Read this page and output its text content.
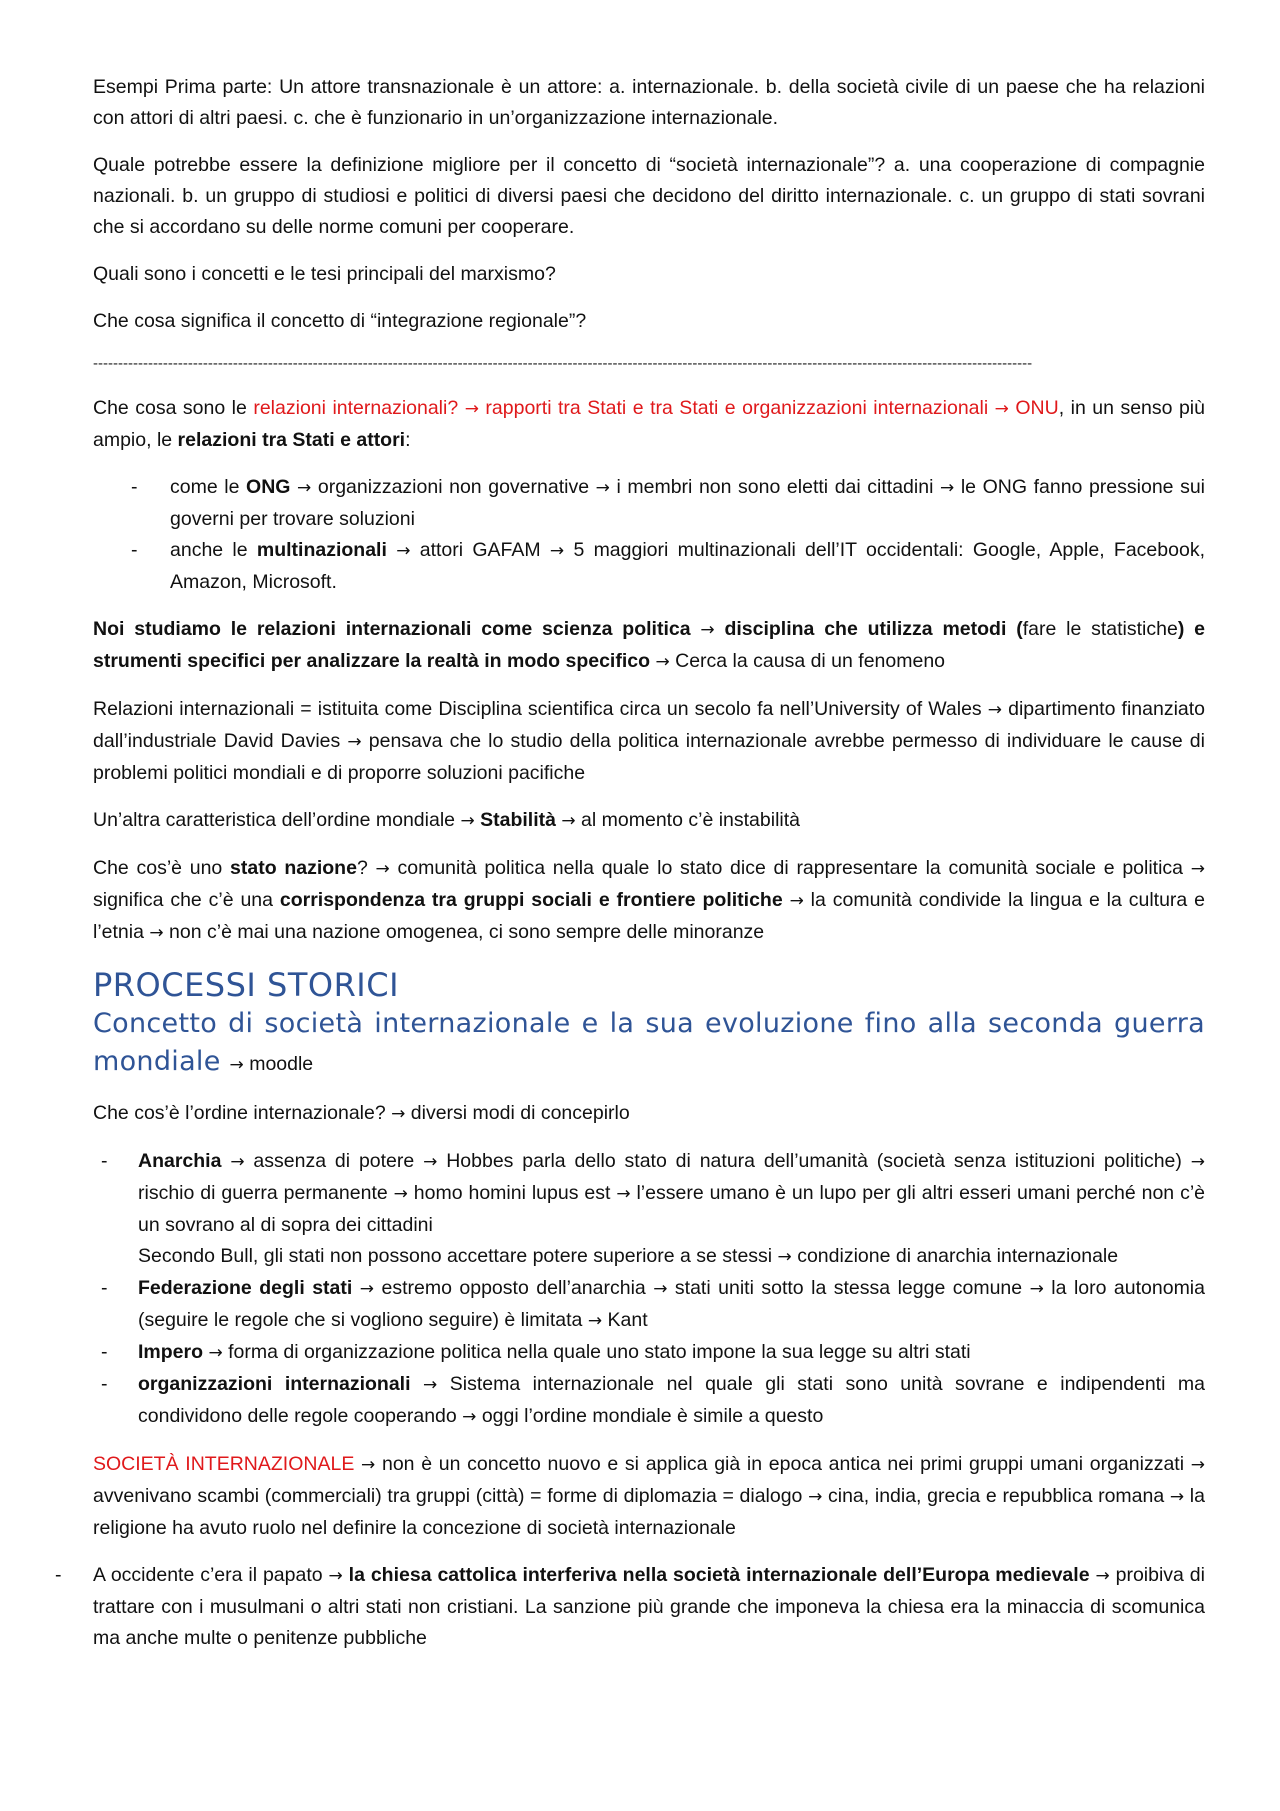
Esempi Prima parte: Un attore transnazionale è un attore: a. internazionale. b. della società civile di un paese che ha relazioni con attori di altri paesi. c. che è funzionario in un’organizzazione internazionale.

Quale potrebbe essere la definizione migliore per il concetto di “società internazionale”? a. una cooperazione di compagnie nazionali. b. un gruppo di studiosi e politici di diversi paesi che decidono del diritto internazionale. c. un gruppo di stati sovrani che si accordano su delle norme comuni per cooperare.

Quali sono i concetti e le tesi principali del marxismo?

Che cosa significa il concetto di “integrazione regionale”?

--------------------------------------------------------------------------------------------------------------------------------------------------------------------------------------------

Che cosa sono le relazioni internazionali? → rapporti tra Stati e tra Stati e organizzazioni internazionali → ONU, in un senso più ampio, le relazioni tra Stati e attori:

- come le ONG → organizzazioni non governative → i membri non sono eletti dai cittadini → le ONG fanno pressione sui governi per trovare soluzioni
- anche le multinazionali → attori GAFAM → 5 maggiori multinazionali dell’IT occidentali: Google, Apple, Facebook, Amazon, Microsoft.

Noi studiamo le relazioni internazionali come scienza politica → disciplina che utilizza metodi (fare le statistiche) e strumenti specifici per analizzare la realtà in modo specifico → Cerca la causa di un fenomeno

Relazioni internazionali = istituita come Disciplina scientifica circa un secolo fa nell’University of Wales → dipartimento finanziato dall’industriale David Davies → pensava che lo studio della politica internazionale avrebbe permesso di individuare le cause di problemi politici mondiali e di proporre soluzioni pacifiche

Un’altra caratteristica dell’ordine mondiale → Stabilità → al momento c’è instabilità

Che cos’è uno stato nazione? → comunità politica nella quale lo stato dice di rappresentare la comunità sociale e politica → significa che c’è una corrispondenza tra gruppi sociali e frontiere politiche → la comunità condivide la lingua e la cultura e l’etnia → non c’è mai una nazione omogenea, ci sono sempre delle minoranze

PROCESSI STORICI
Concetto di società internazionale e la sua evoluzione fino alla seconda guerra mondiale → moodle

Che cos’è l’ordine internazionale? → diversi modi di concepirlo

- Anarchia → assenza di potere → Hobbes parla dello stato di natura dell’umanità (società senza istituzioni politiche) → rischio di guerra permanente → homo homini lupus est → l’essere umano è un lupo per gli altri esseri umani perché non c’è un sovrano al di sopra dei cittadini
Secondo Bull, gli stati non possono accettare potere superiore a se stessi → condizione di anarchia internazionale
- Federazione degli stati → estremo opposto dell’anarchia → stati uniti sotto la stessa legge comune → la loro autonomia (seguire le regole che si vogliono seguire) è limitata → Kant
- Impero → forma di organizzazione politica nella quale uno stato impone la sua legge su altri stati
- organizzazioni internazionali → Sistema internazionale nel quale gli stati sono unità sovrane e indipendenti ma condividono delle regole cooperando → oggi l’ordine mondiale è simile a questo

SOCIETÀ INTERNAZIONALE → non è un concetto nuovo e si applica già in epoca antica nei primi gruppi umani organizzati → avvenivano scambi (commerciali) tra gruppi (città) = forme di diplomazia = dialogo → cina, india, grecia e repubblica romana → la religione ha avuto ruolo nel definire la concezione di società internazionale

- A occidente c’era il papato → la chiesa cattolica interferiva nella società internazionale dell’Europa medievale → proibiva di trattare con i musulmani o altri stati non cristiani. La sanzione più grande che imponeva la chiesa era la minaccia di scomunica ma anche multe o penitenze pubbliche
